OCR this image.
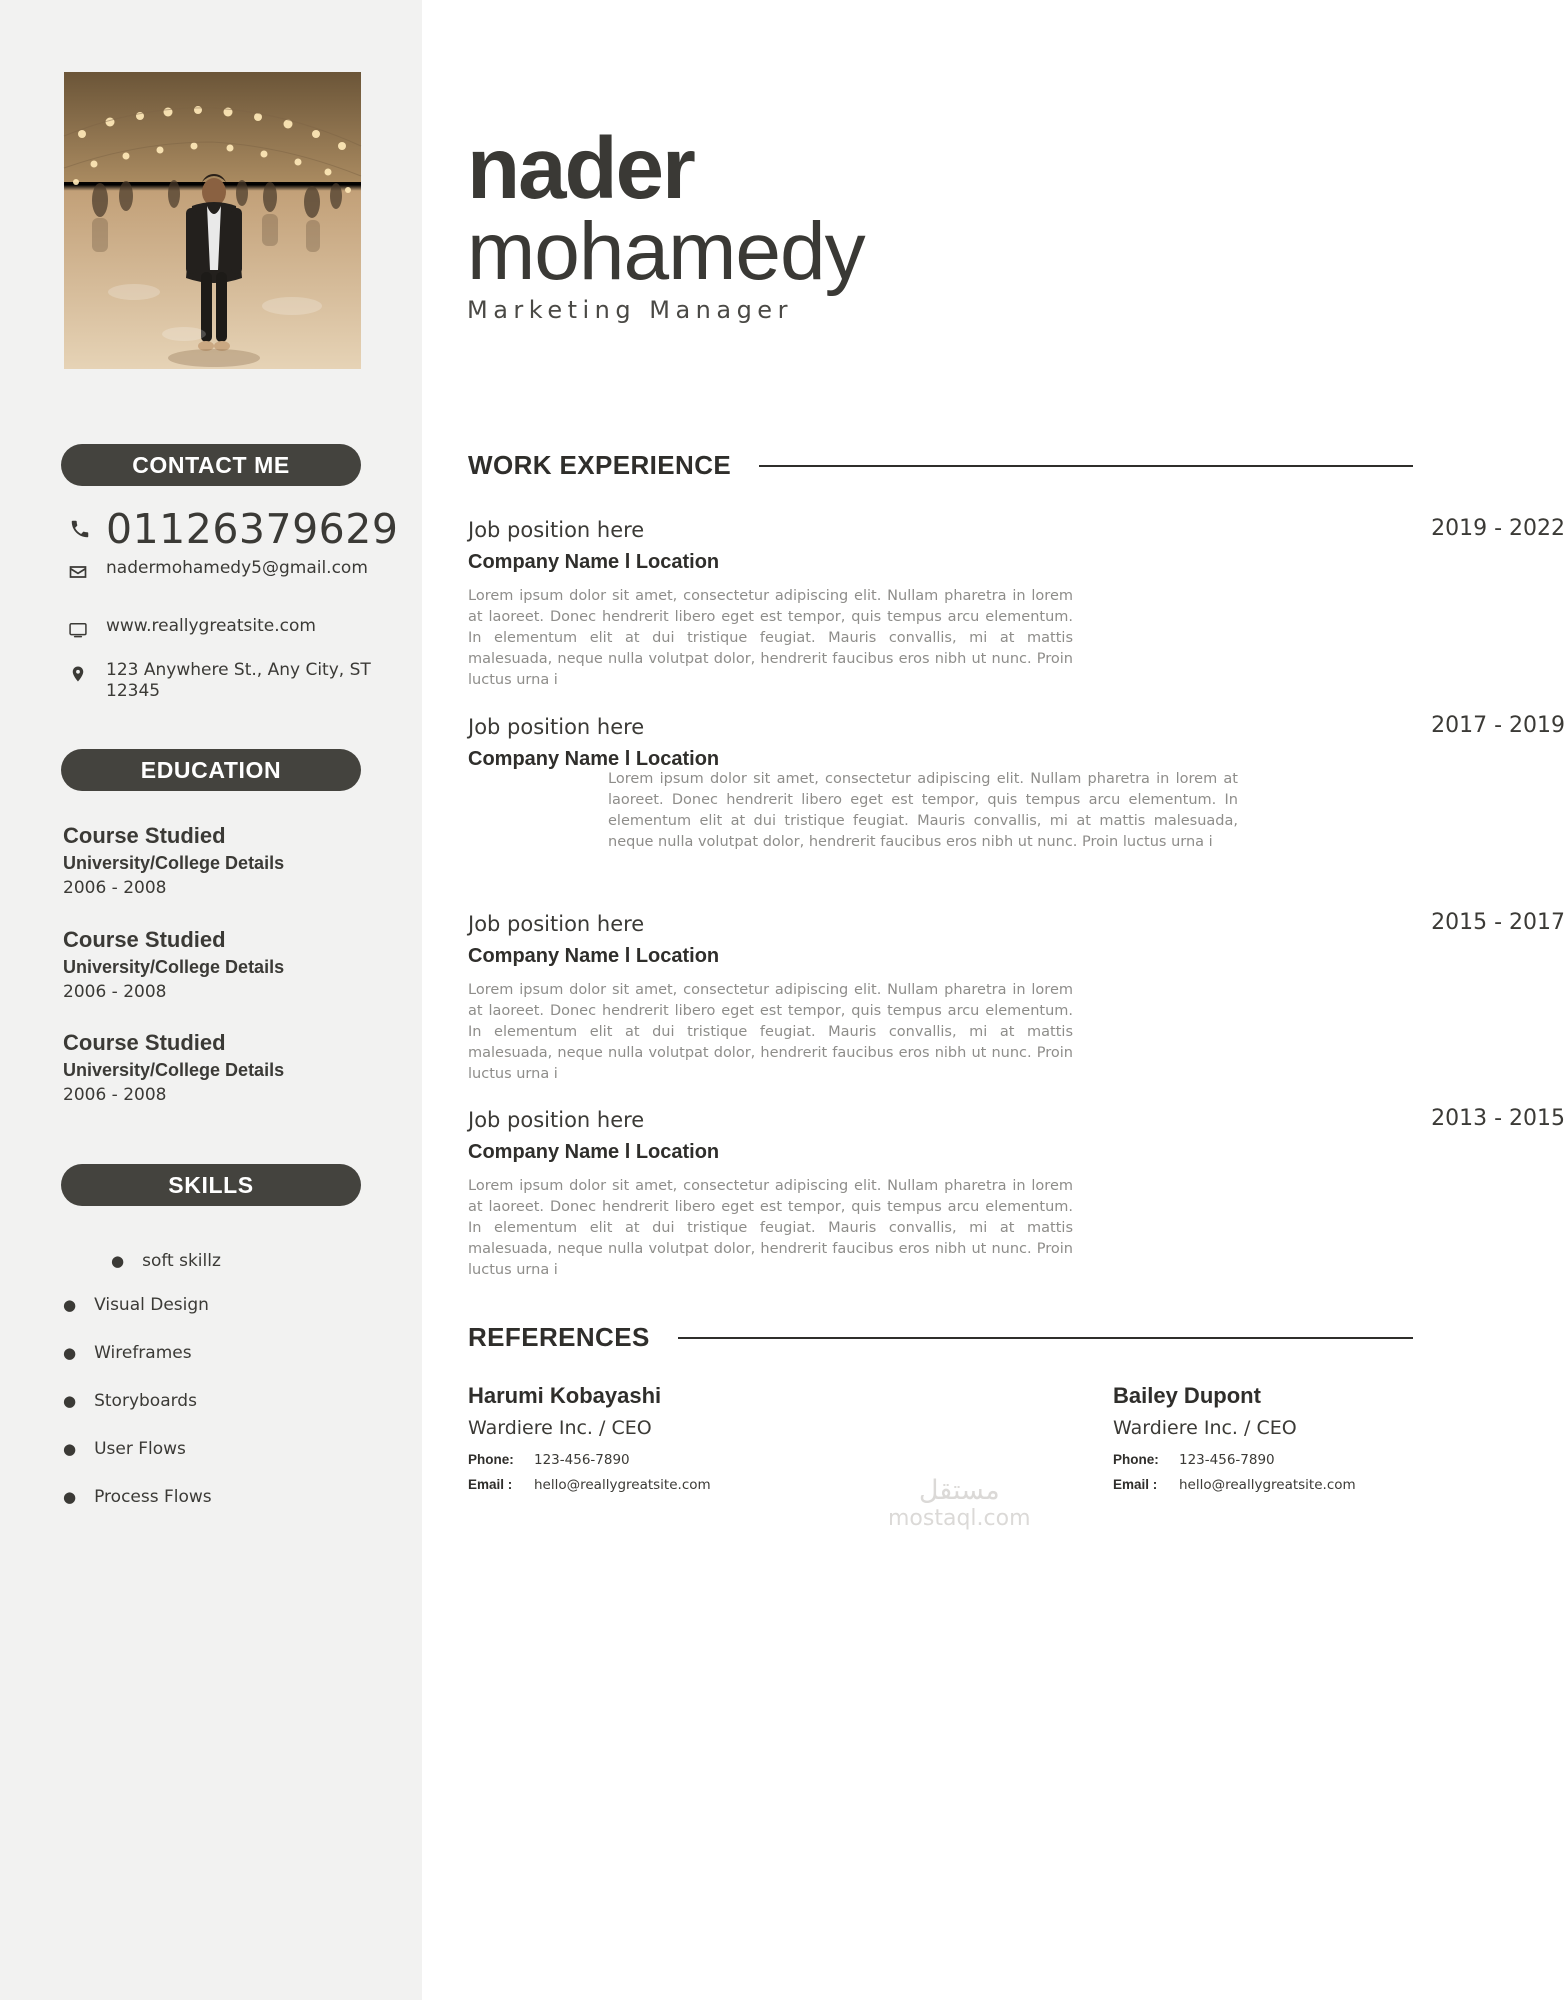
CONTACT ME
01126379629
nadermohamedy5@gmail.com
www.reallygreatsite.com
123 Anywhere St., Any City, ST 12345
EDUCATION
Course Studied
University/College Details
2006 - 2008
Course Studied
University/College Details
2006 - 2008
Course Studied
University/College Details
2006 - 2008
SKILLS
● soft skillz
● Visual Design
● Wireframes
● Storyboards
● User Flows
● Process Flows
nader
mohamedy
Marketing Manager
WORK EXPERIENCE
2019 - 2022
Job position here
Company Name l Location
Lorem ipsum dolor sit amet, consectetur adipiscing elit. Nullam pharetra in lorem at laoreet. Donec hendrerit libero eget est tempor, quis tempus arcu elementum. In elementum elit at dui tristique feugiat. Mauris convallis, mi at mattis malesuada, neque nulla volutpat dolor, hendrerit faucibus eros nibh ut nunc. Proin luctus urna i
2017 - 2019
Job position here
Company Name l Location
Lorem ipsum dolor sit amet, consectetur adipiscing elit. Nullam pharetra in lorem at laoreet. Donec hendrerit libero eget est tempor, quis tempus arcu elementum. In elementum elit at dui tristique feugiat. Mauris convallis, mi at mattis malesuada, neque nulla volutpat dolor, hendrerit faucibus eros nibh ut nunc. Proin luctus urna i
2015 - 2017
Job position here
Company Name l Location
Lorem ipsum dolor sit amet, consectetur adipiscing elit. Nullam pharetra in lorem at laoreet. Donec hendrerit libero eget est tempor, quis tempus arcu elementum. In elementum elit at dui tristique feugiat. Mauris convallis, mi at mattis malesuada, neque nulla volutpat dolor, hendrerit faucibus eros nibh ut nunc. Proin luctus urna i
2013 - 2015
Job position here
Company Name l Location
Lorem ipsum dolor sit amet, consectetur adipiscing elit. Nullam pharetra in lorem at laoreet. Donec hendrerit libero eget est tempor, quis tempus arcu elementum. In elementum elit at dui tristique feugiat. Mauris convallis, mi at mattis malesuada, neque nulla volutpat dolor, hendrerit faucibus eros nibh ut nunc. Proin luctus urna i
REFERENCES
Harumi Kobayashi
Wardiere Inc. / CEO
Phone:	123-456-7890
Email :	hello@reallygreatsite.com
Bailey Dupont
Wardiere Inc. / CEO
Phone:	123-456-7890
Email :	hello@reallygreatsite.com
مستقل
mostaql.com
